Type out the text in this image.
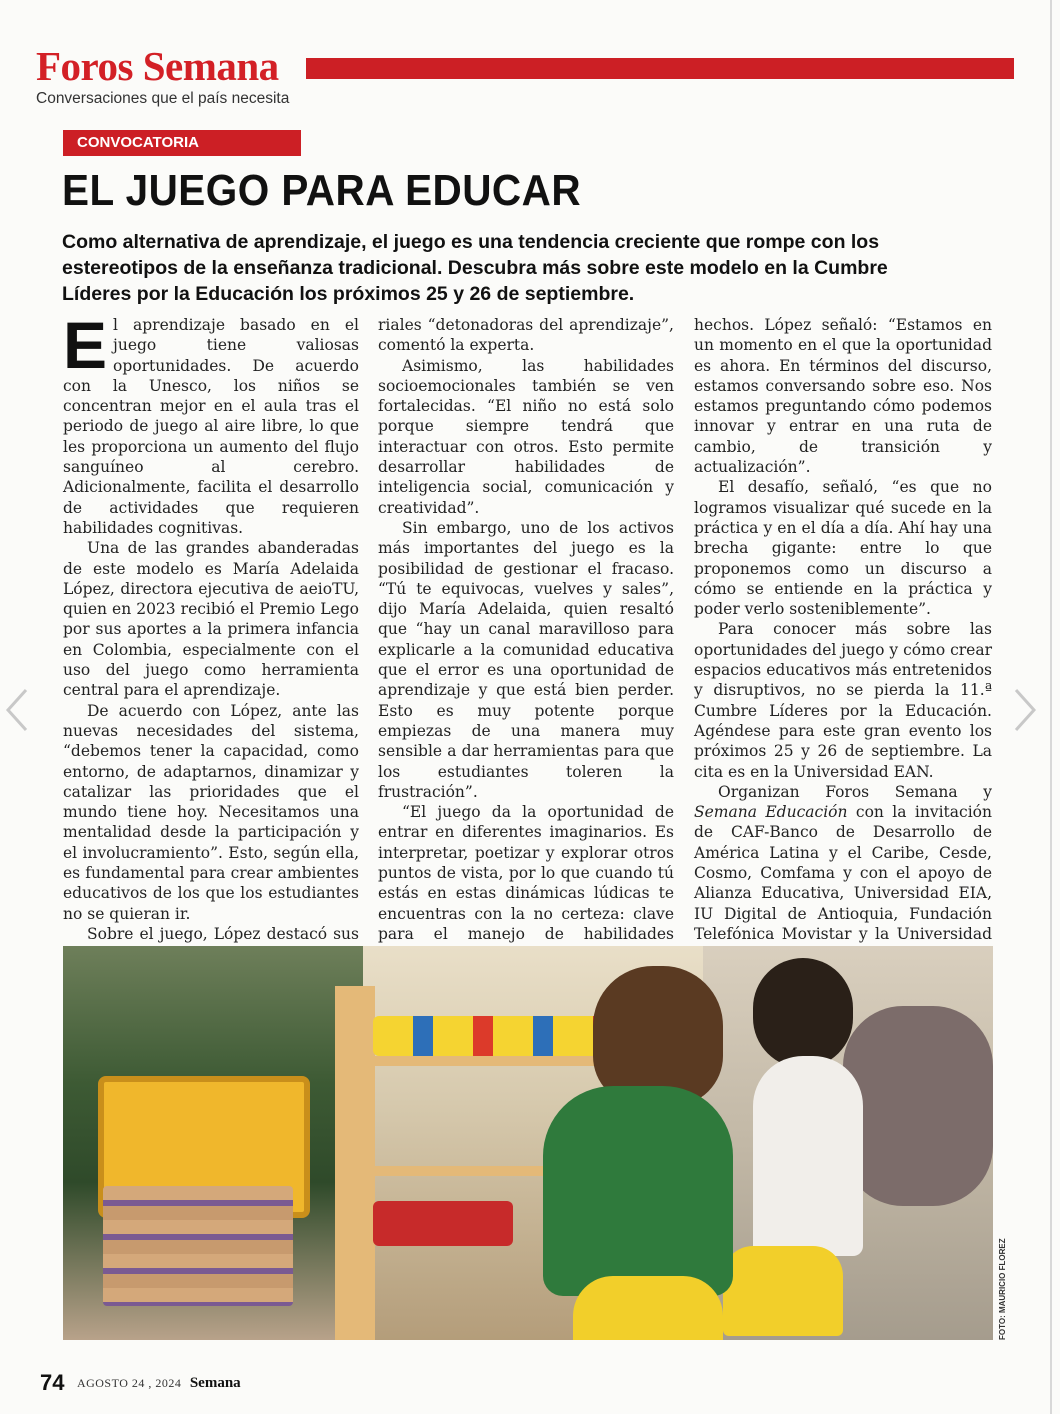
Foros Semana
Conversaciones que el país necesita
CONVOCATORIA
EL JUEGO PARA EDUCAR
Como alternativa de aprendizaje, el juego es una tendencia creciente que rompe con los estereotipos de la enseñanza tradicional. Descubra más sobre este modelo en la Cumbre Líderes por la Educación los próximos 25 y 26 de septiembre.

El aprendizaje basado en el juego tiene valiosas oportunidades. De acuerdo con la Unesco, los niños se concentran mejor en el aula tras el periodo de juego al aire libre, lo que les proporciona un aumento del flujo sanguíneo al cerebro. Adicionalmente, facilita el desarrollo de actividades que requieren habilidades cognitivas.

Una de las grandes abanderadas de este modelo es María Adelaida López, directora ejecutiva de aeioTU, quien en 2023 recibió el Premio Lego por sus aportes a la primera infancia en Colombia, especialmente con el uso del juego como herramienta central para el aprendizaje.

De acuerdo con López, ante las nuevas necesidades del sistema, “debemos tener la capacidad, como entorno, de adaptarnos, dinamizar y catalizar las prioridades que el mundo tiene hoy. Necesitamos una mentalidad desde la participación y el involucramiento”. Esto, según ella, es fundamental para crear ambientes educativos de los que los estudiantes no se quieran ir.

Sobre el juego, López destacó sus

riales “detonadoras del aprendizaje”, comentó la experta.

Asimismo, las habilidades socioemocionales también se ven fortalecidas. “El niño no está solo porque siempre tendrá que interactuar con otros. Esto permite desarrollar habilidades de inteligencia social, comunicación y creatividad”.

Sin embargo, uno de los activos más importantes del juego es la posibilidad de gestionar el fracaso. “Tú te equivocas, vuelves y sales”, dijo María Adelaida, quien resaltó que “hay un canal maravilloso para explicarle a la comunidad educativa que el error es una oportunidad de aprendizaje y que está bien perder. Esto es muy potente porque empiezas de una manera muy sensible a dar herramientas para que los estudiantes toleren la frustración”.

“El juego da la oportunidad de entrar en diferentes imaginarios. Es interpretar, poetizar y explorar otros puntos de vista, por lo que cuando tú estás en estas dinámicas lúdicas te encuentras con la no certeza: clave para el manejo de habilidades

hechos. López señaló: “Estamos en un momento en el que la oportunidad es ahora. En términos del discurso, estamos conversando sobre eso. Nos estamos preguntando cómo podemos innovar y entrar en una ruta de cambio, de transición y actualización”.

El desafío, señaló, “es que no logramos visualizar qué sucede en la práctica y en el día a día. Ahí hay una brecha gigante: entre lo que proponemos como un discurso a cómo se entiende en la práctica y poder verlo sosteniblemente”.

Para conocer más sobre las oportunidades del juego y cómo crear espacios educativos más entretenidos y disruptivos, no se pierda la 11.ª Cumbre Líderes por la Educación. Agéndese para este gran evento los próximos 25 y 26 de septiembre. La cita es en la Universidad EAN.

Organizan Foros Semana y Semana Educación con la invitación de CAF-Banco de Desarrollo de América Latina y el Caribe, Cesde, Cosmo, Comfama y con el apoyo de Alianza Educativa, Universidad EIA, IU Digital de Antioquia, Fundación Telefónica Movistar y la Universidad

FOTO: MAURICIO FLOREZ
74 AGOSTO 24 , 2024 Semana
